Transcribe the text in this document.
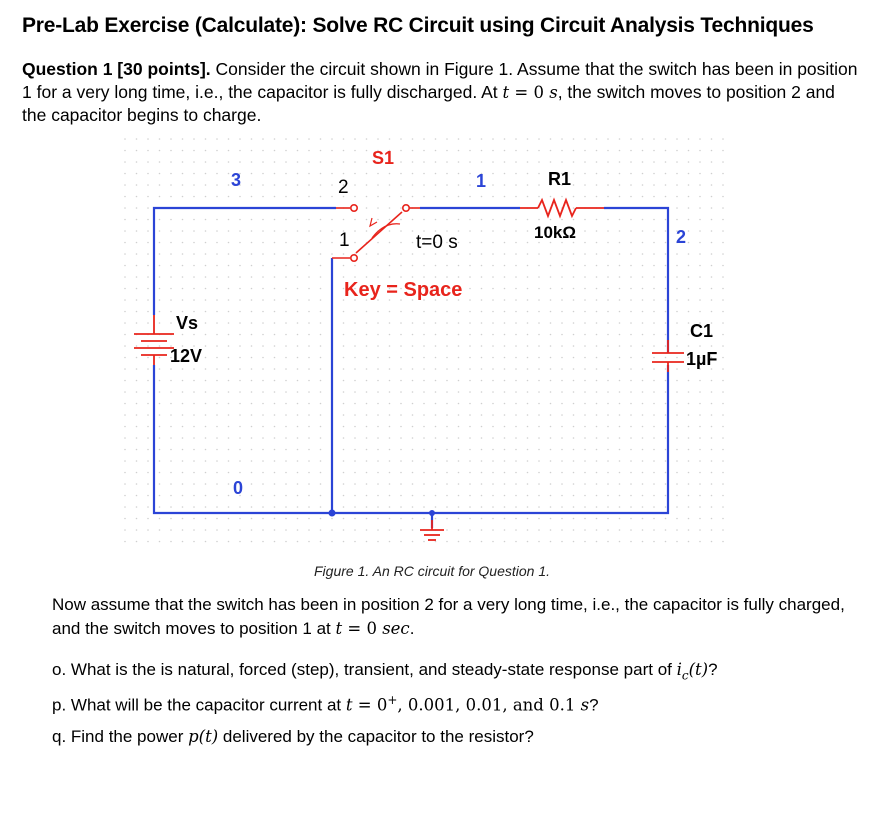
Pre-Lab Exercise (Calculate): Solve RC Circuit using Circuit Analysis Techniques
Question 1 [30 points]. Consider the circuit shown in Figure 1. Assume that the switch has been in position 1 for a very long time, i.e., the capacitor is fully discharged. At t = 0 s, the switch moves to position 2 and the capacitor begins to charge.
S1
3	2	1	R1
10kΩ
1	t=0 s
Key = Space
2
Vs
12V
C1
1µF
0
Figure 1. An RC circuit for Question 1.
Now assume that the switch has been in position 2 for a very long time, i.e., the capacitor is fully charged, and the switch moves to position 1 at t = 0 sec.
o. What is the is natural, forced (step), transient, and steady-state response part of $i_c(t)$?
p. What will be the capacitor current at t = 0+, 0.001, 0.01, and 0.1 s?
q. Find the power p(t) delivered by the capacitor to the resistor?
